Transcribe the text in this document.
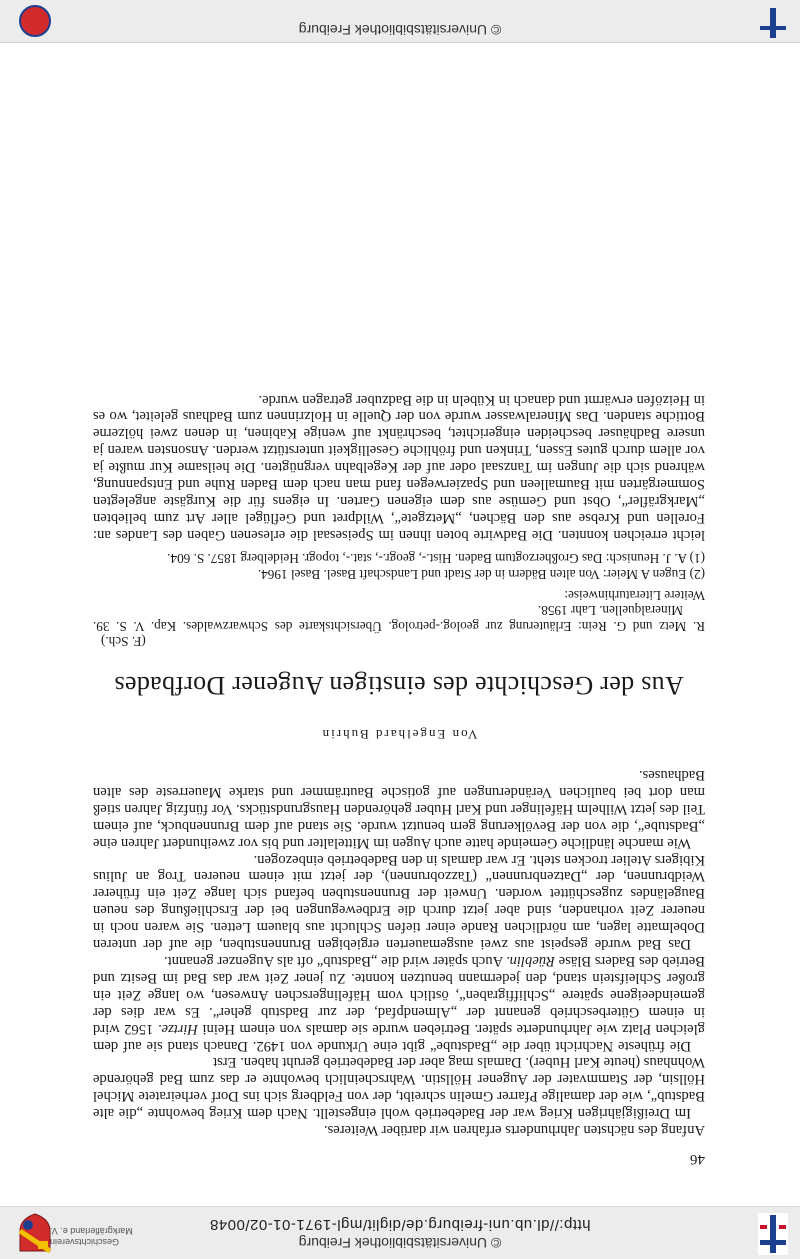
© Universitätsbibliothek Freiburg
http://dl.ub.uni-freiburg.de/diglit/mgl-1971-01-02/0048
Geschichtsverein
Markgräflerland e. V.
46

Anfang des nächsten Jahrhunderts erfahren wir darüber Weiteres.

Im Dreißigjährigen Krieg war der Badebetrieb wohl eingestellt. Nach dem Krieg bewohnte „die alte Badstub“, wie der damalige Pfarrer Gmelin schreibt, der von Feldberg sich ins Dorf verheiratete Michel Höllsin, der Stammvater der Augener Höllstin. Wahrscheinlich bewohnte er das zum Bad gehörende Wohnhaus (heute Karl Huber). Damals mag aber der Badebetrieb geruht haben. Erst

Die früheste Nachricht über die „Badstube“ gibt eine Urkunde von 1492. Danach stand sie auf dem gleichen Platz wie Jahrhunderte später. Betrieben wurde sie damals von einem Heini Hirtze. 1562 wird in einem Güterbeschrieb genannt der „Almendpfad, der zur Badstub geher“. Es war dies der gemeindeeigene spätere „Schliffigraben“, östlich vom Häfelingerschen Anwesen, wo lange Zeit ein großer Schleifstein stand, den jedermann benutzen konnte. Zu jener Zeit war das Bad im Besitz und Betrieb des Baders Bläse Rüeblin. Auch später wird die „Badstub“ oft als Augenzer genannt.

Das Bad wurde gespeist aus zwei ausgemauerten ergiebigen Brunnenstuben, die auf der unteren Dobelmatte lagen, am nördlichen Rande einer tiefen Schlucht aus blauem Letten. Sie waren noch in neuerer Zeit vorhanden, sind aber jetzt durch die Erdbewegungen bei der Erschließung des neuen Baugeländes zugeschüttet worden. Unweit der Brunnenstuben befand sich lange Zeit ein früherer Weidbrunnen, der „Datzenbrunnen“ (Tazzobrunnen), der jetzt mit einem neueren Trog an Julius Kibigers Atelier trocken steht. Er war damals in den Badebetrieb einbezogen.

Wie manche ländliche Gemeinde hatte auch Augen im Mittelalter und bis vor zweihundert Jahren eine „Badstube“, die von der Bevölkerung gern benutzt wurde. Sie stand auf dem Brunnenbuck, auf einem Teil des jetzt Wilhelm Häfelinger und Karl Huber gehörenden Hausgrundstücks. Vor fünfzig Jahren stieß man dort bei baulichen Veränderungen auf gotische Bauträmmer und starke Mauerreste des alten Badhauses.

Von Engelhard Buhrin
Aus der Geschichte des einstigen Augener Dorfbades
(F. Sch.)

R. Metz und G. Rein: Erläuterung zur geolog.-petrolog. Übersichtskarte des Schwarzwaldes. Kap. V. S. 39. Mineralquellen. Lahr 1958.

Weitere Literaturhinweise:

(2) Eugen A Meier: Von alten Bädern in der Stadt und Landschaft Basel. Basel 1964.

(1) A. J. Heunisch: Das Großherzogtum Baden. Hist.-, geogr.-, stat.-, topogr. Heidelberg 1857. S. 604.

leicht erreichen konnten. Die Badwirte boten ihnen im Speisesaal die erlesenen Gaben des Landes an: Forellen und Krebse aus den Bächen, „Metzgete“, Wildpret und Geflügel aller Art zum beliebten „Markgräfler“, Obst und Gemüse aus dem eigenen Garten. In eigens für die Kurgäste angelegten Sommergärten mit Baumalleen und Spazierwegen fand man nach dem Baden Ruhe und Entspannung, während sich die Jungen im Tanzsaal oder auf der Kegelbahn vergnügten. Die heilsame Kur mußte ja vor allem durch gutes Essen, Trinken und fröhliche Geselligkeit unterstützt werden. Ansonsten waren ja unsere Badhäuser bescheiden eingerichtet, beschränkt auf wenige Kabinen, in denen zwei hölzerne Bottiche standen. Das Mineralwasser wurde von der Quelle in Holzrinnen zum Badhaus geleitet, wo es in Heizöfen erwärmt und danach in Kübeln in die Badzuber getragen wurde.

© Universitätsbibliothek Freiburg
